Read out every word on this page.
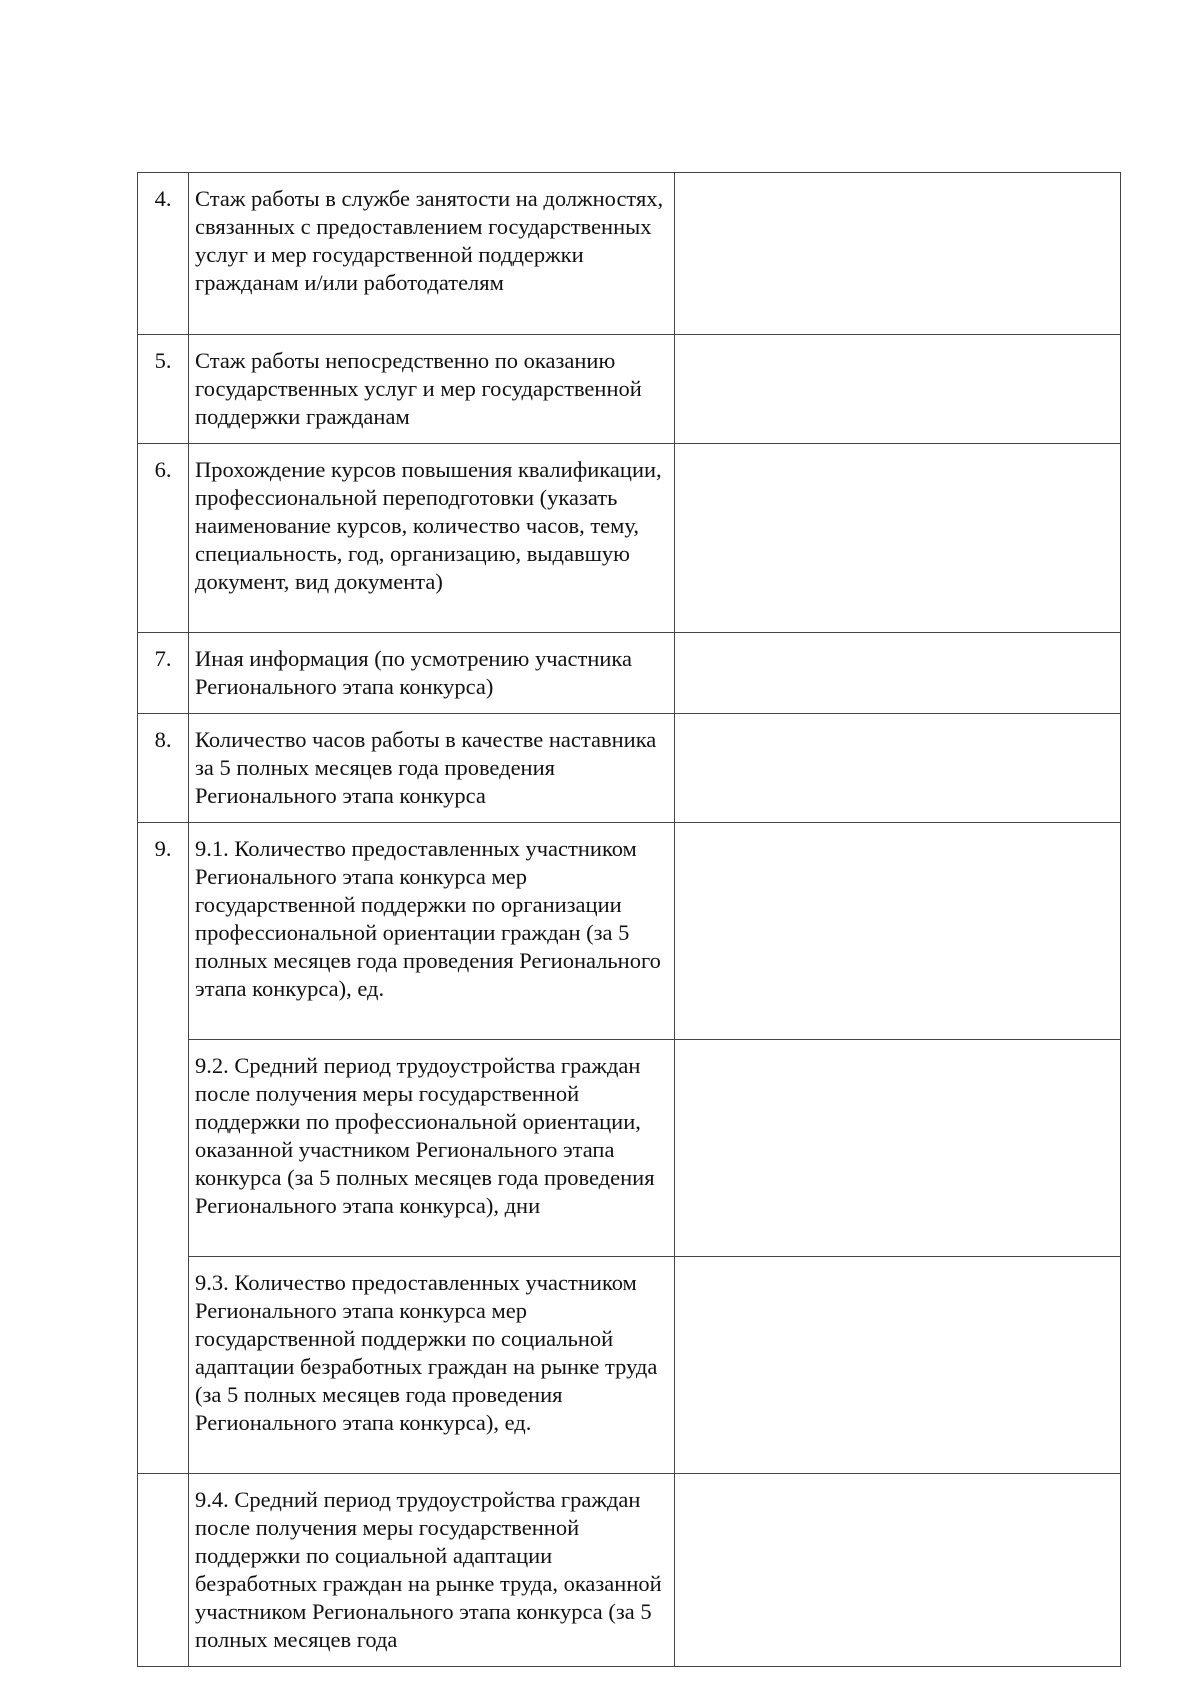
4.	Стаж работы в службе занятости на должностях, связанных с предоставлением государственных услуг и мер государственной поддержки гражданам и/или работодателям	
5.	Стаж работы непосредственно по оказанию государственных услуг и мер государственной поддержки гражданам	
6.	Прохождение курсов повышения квалификации, профессиональной переподготовки (указать наименование курсов, количество часов, тему, специальность, год, организацию, выдавшую документ, вид документа)	
7.	Иная информация (по усмотрению участника Регионального этапа конкурса)	
8.	Количество часов работы в качестве наставника за 5 полных месяцев года проведения Регионального этапа конкурса	
9.	9.1. Количество предоставленных участником Регионального этапа конкурса мер государственной поддержки по организации профессиональной ориентации граждан (за 5 полных месяцев года проведения Регионального этапа конкурса), ед.	
	9.2. Средний период трудоустройства граждан после получения меры государственной поддержки по профессиональной ориентации, оказанной участником Регионального этапа конкурса (за 5 полных месяцев года проведения Регионального этапа конкурса), дни	
	9.3. Количество предоставленных участником Регионального этапа конкурса мер государственной поддержки по социальной адаптации безработных граждан на рынке труда (за 5 полных месяцев года проведения Регионального этапа конкурса), ед.	
	9.4. Средний период трудоустройства граждан после получения меры государственной поддержки по социальной адаптации безработных граждан на рынке труда, оказанной участником Регионального этапа конкурса (за 5 полных месяцев года	
